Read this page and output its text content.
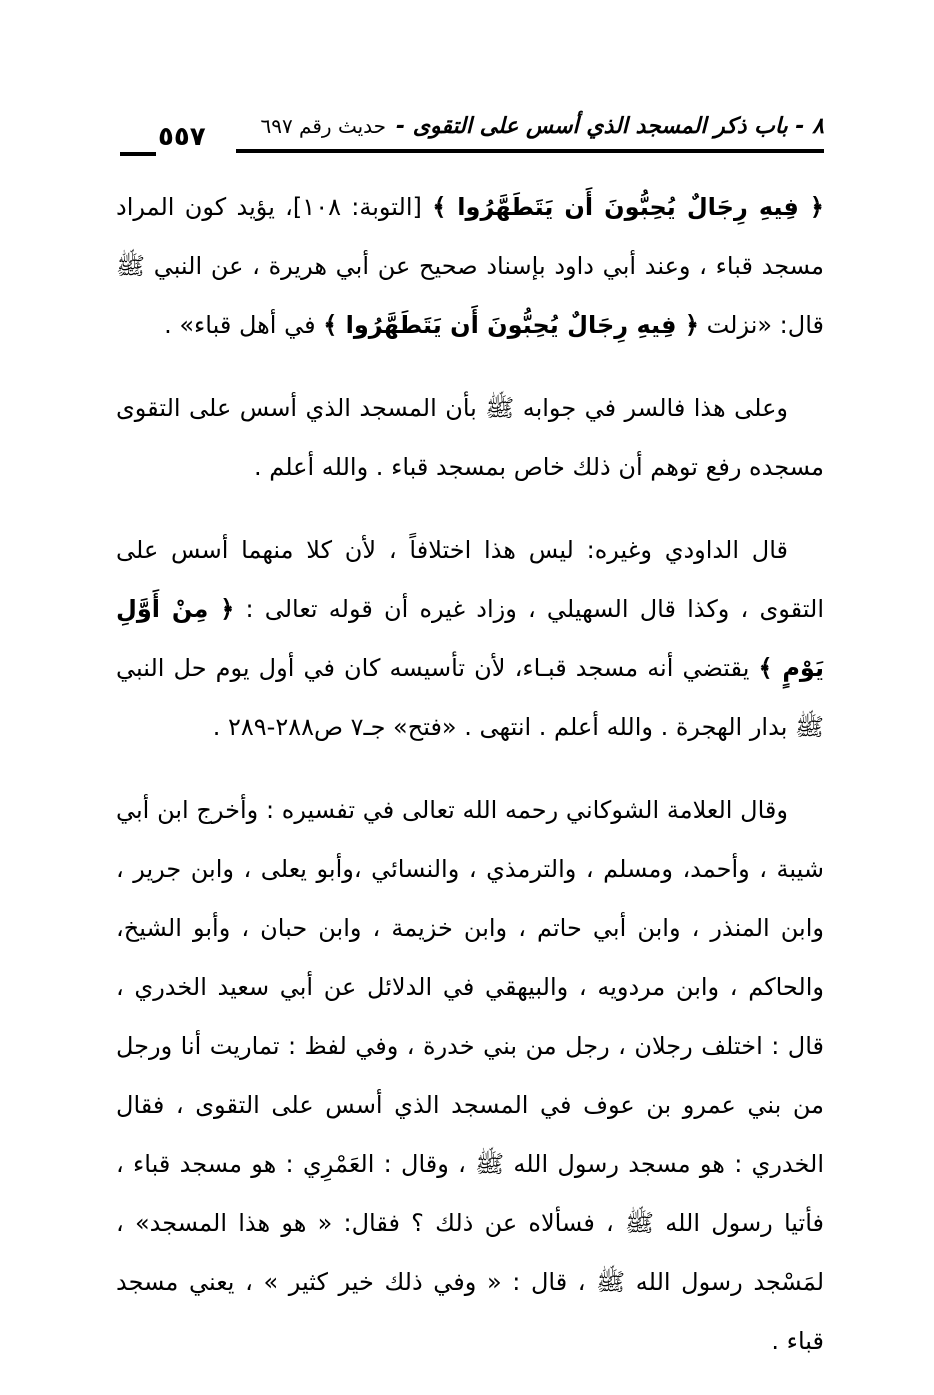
٨ - باب ذكر المسجد الذي أسس على التقوى -حديث رقم ٦٩٧
٥٥٧

﴿ فِيهِ رِجَالٌ يُحِبُّونَ أَن يَتَطَهَّرُوا ﴾ [التوبة: ١٠٨]، يؤيد كون المراد مسجد قباء ، وعند أبي داود بإسناد صحيح عن أبي هريرة ، عن النبي ﷺ قال: «نزلت ﴿ فِيهِ رِجَالٌ يُحِبُّونَ أَن يَتَطَهَّرُوا ﴾ في أهل قباء» .

وعلى هذا فالسر في جوابه ﷺ بأن المسجد الذي أسس على التقوى مسجده رفع توهم أن ذلك خاص بمسجد قباء . والله أعلم .

قال الداودي وغيره: ليس هذا اختلافاً ، لأن كلا منهما أسس على التقوى ، وكذا قال السهيلي ، وزاد غيره أن قوله تعالى : ﴿ مِنْ أَوَّلِ يَوْمٍ ﴾ يقتضي أنه مسجد قبـاء، لأن تأسيسه كان في أول يوم حل النبي ﷺ بدار الهجرة . والله أعلم . انتهى . «فتح» جـ٧ ص٢٨٨-٢٨٩ .

وقال العلامة الشوكاني رحمه الله تعالى في تفسيره : وأخرج ابن أبي شيبة ، وأحمد، ومسلم ، والترمذي ، والنسائي ،وأبو يعلى ، وابن جرير ، وابن المنذر ، وابن أبي حاتم ، وابن خزيمة ، وابن حبان ، وأبو الشيخ، والحاكم ، وابن مردويه ، والبيهقي في الدلائل عن أبي سعيد الخدري ، قال : اختلف رجلان ، رجل من بني خدرة ، وفي لفظ : تماريت أنا ورجل من بني عمرو بن عوف في المسجد الذي أسس على التقوى ، فقال الخدري : هو مسجد رسول الله ﷺ ، وقال : العَمْرِي : هو مسجد قباء ، فأتيا رسول الله ﷺ ، فسألاه عن ذلك ؟ فقال: « هو هذا المسجد» ، لمَسْجد رسول الله ﷺ ، قال : « وفي ذلك خير كثير » ، يعني مسجد قباء .
